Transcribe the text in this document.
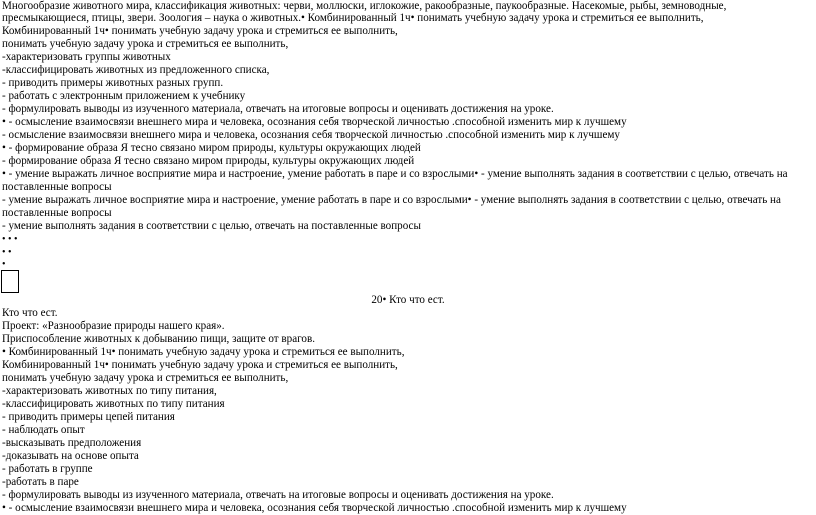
Многообразие животного мира, классификация животных: черви, моллюски, иглокожие, ракообразные, паукообразные. Насекомые, рыбы, земноводные,
пресмыкающиеся, птицы, звери. Зоология – наука о животных.• Комбинированный 1ч• понимать учебную задачу урока и стремиться ее выполнить,
Комбинированный 1ч• понимать учебную задачу урока и стремиться ее выполнить,
понимать учебную задачу урока и стремиться ее выполнить,
-характеризовать группы животных
-классифицировать животных из предложенного списка,
- приводить примеры животных разных групп.
- работать с электронным приложением к учебнику
- формулировать выводы из изученного материала, отвечать на итоговые вопросы и оценивать достижения на уроке.
• - осмысление взаимосвязи внешнего мира и человека, осознания себя творческой личностью .способной изменить мир к лучшему
- осмысление взаимосвязи внешнего мира и человека, осознания себя творческой личностью .способной изменить мир к лучшему
• - формирование образа Я тесно связано миром природы, культуры окружающих людей
- формирование образа Я тесно связано миром природы, культуры окружающих людей
• - умение выражать личное восприятие мира и настроение, умение работать в паре и со взрослыми• - умение выполнять задания в соответствии с целью, отвечать на
поставленные вопросы
- умение выражать личное восприятие мира и настроение, умение работать в паре и со взрослыми• - умение выполнять задания в соответствии с целью, отвечать на
поставленные вопросы
- умение выполнять задания в соответствии с целью, отвечать на поставленные вопросы
• • •
• •
•
20• Кто что ест.
Кто что ест.
Проект: «Разнообразие природы нашего края».
Приспособление животных к добыванию пищи, защите от врагов.
• Комбинированный 1ч• понимать учебную задачу урока и стремиться ее выполнить,
Комбинированный 1ч• понимать учебную задачу урока и стремиться ее выполнить,
понимать учебную задачу урока и стремиться ее выполнить,
-характеризовать животных по типу питания,
-классифицировать животных по типу питания
- приводить примеры цепей питания
- наблюдать опыт
-высказывать предположения
-доказывать на основе опыта
- работать в группе
-работать в паре
- формулировать выводы из изученного материала, отвечать на итоговые вопросы и оценивать достижения на уроке.
• - осмысление взаимосвязи внешнего мира и человека, осознания себя творческой личностью .способной изменить мир к лучшему
